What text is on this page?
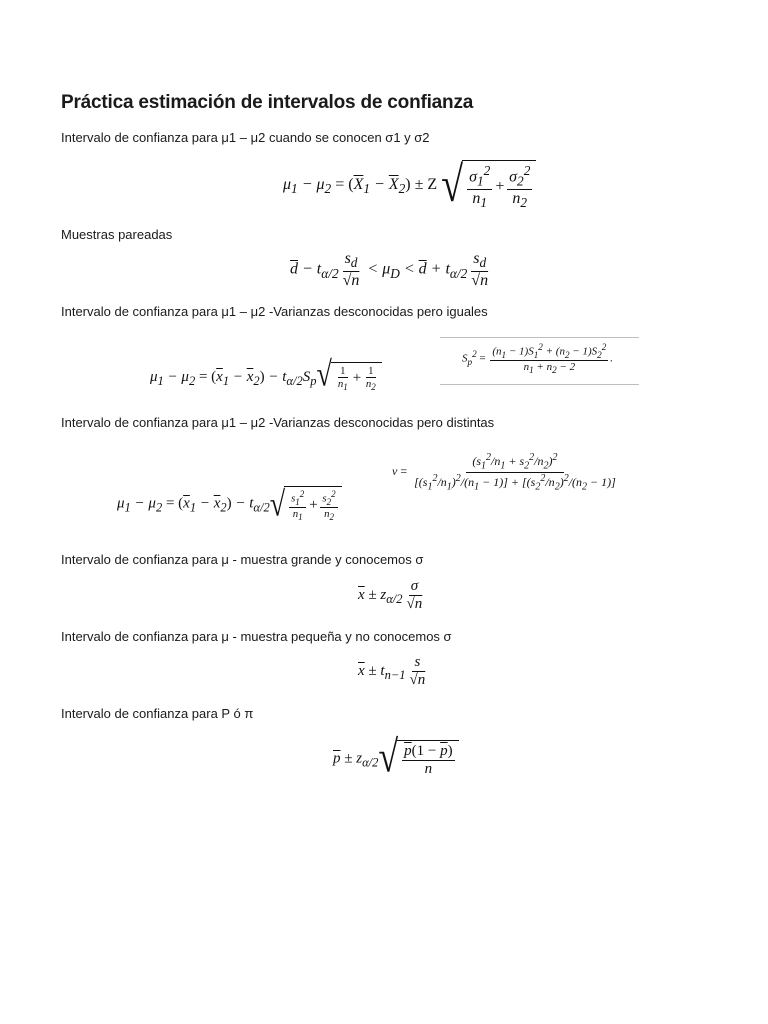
Práctica estimación de intervalos de confianza
Intervalo de confianza para μ1 – μ2 cuando se conocen σ1 y σ2
$\mu_1 - \mu_2 = (\overline{X}_1 - \overline{X}_2) \pm Z$ √ $\frac{\sigma_1^2}{n_1} + \frac{\sigma_2^2}{n_2}$
Muestras pareadas
$\overline{d} - t_{\alpha/2} \frac{s_d}{√n} < \mu_D < \overline{d} + t_{\alpha/2} \frac{s_d}{√n}$
Intervalo de confianza para μ1 – μ2 -Varianzas desconocidas pero iguales
$S_p^2 = \frac{(n_1 - 1)S_1^2 + (n_2 - 1)S_2^2}{n_1 + n_2 - 2}$ .
$\mu_1 - \mu_2 = (\overline{x}_1 - \overline{x}_2) - t_{\alpha/2}S_p$ √ $\frac{1}{n_1} + \frac{1}{n_2}$
Intervalo de confianza para μ1 – μ2 -Varianzas desconocidas pero distintas
$v = \frac{(s_1^2/n_1 + s_2^2/n_2)^2}{[(s_1^2/n_1)^2/(n_1 - 1)] + [(s_2^2/n_2)^2/(n_2 - 1)]}$
$\mu_1 - \mu_2 = (\overline{x}_1 - \overline{x}_2) - t_{\alpha/2}$ √ $\frac{s_1^2}{n_1} + \frac{s_2^2}{n_2}$
Intervalo de confianza para μ - muestra grande y conocemos σ
$\overline{x} \pm z_{\alpha/2} \frac{\sigma}{√n}$
Intervalo de confianza para μ - muestra pequeña y no conocemos σ
$\overline{x} \pm t_{n-1} \frac{s}{√n}$
Intervalo de confianza para P ó π
$\overline{p} \pm z_{\alpha/2}$ √ $\frac{p(1 - \overline{p})}{n}$
